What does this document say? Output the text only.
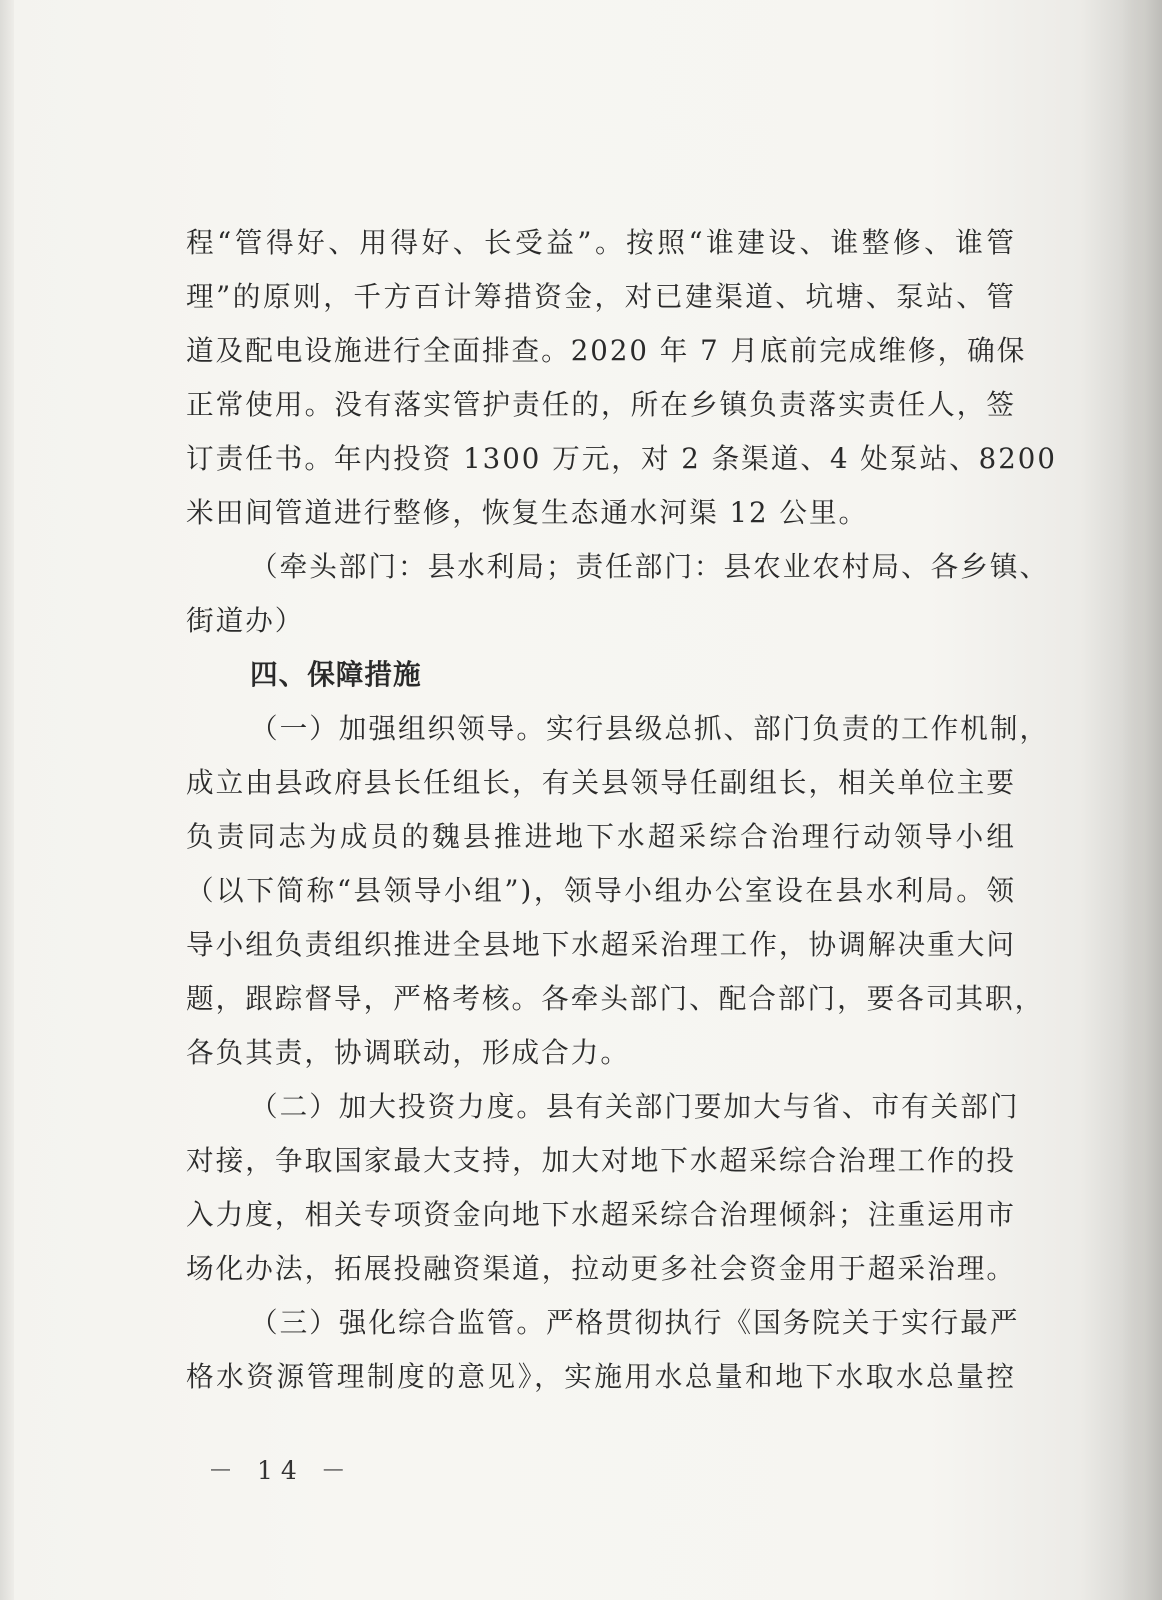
程“管得好、用得好、长受益”。按照“谁建设、谁整修、谁管
理”的原则，千方百计筹措资金，对已建渠道、坑塘、泵站、管
道及配电设施进行全面排查。2020 年 7 月底前完成维修，确保
正常使用。没有落实管护责任的，所在乡镇负责落实责任人，签
订责任书。年内投资 1300 万元，对 2 条渠道、4 处泵站、8200
米田间管道进行整修，恢复生态通水河渠 12 公里。
（牵头部门：县水利局；责任部门：县农业农村局、各乡镇、
街道办）
四、保障措施
（一）加强组织领导。实行县级总抓、部门负责的工作机制，
成立由县政府县长任组长，有关县领导任副组长，相关单位主要
负责同志为成员的魏县推进地下水超采综合治理行动领导小组
（以下简称“县领导小组”)，领导小组办公室设在县水利局。领
导小组负责组织推进全县地下水超采治理工作，协调解决重大问
题，跟踪督导，严格考核。各牵头部门、配合部门，要各司其职，
各负其责，协调联动，形成合力。
（二）加大投资力度。县有关部门要加大与省、市有关部门
对接，争取国家最大支持，加大对地下水超采综合治理工作的投
入力度，相关专项资金向地下水超采综合治理倾斜；注重运用市
场化办法，拓展投融资渠道，拉动更多社会资金用于超采治理。
（三）强化综合监管。严格贯彻执行《国务院关于实行最严
格水资源管理制度的意见》，实施用水总量和地下水取水总量控
－ 14 －
